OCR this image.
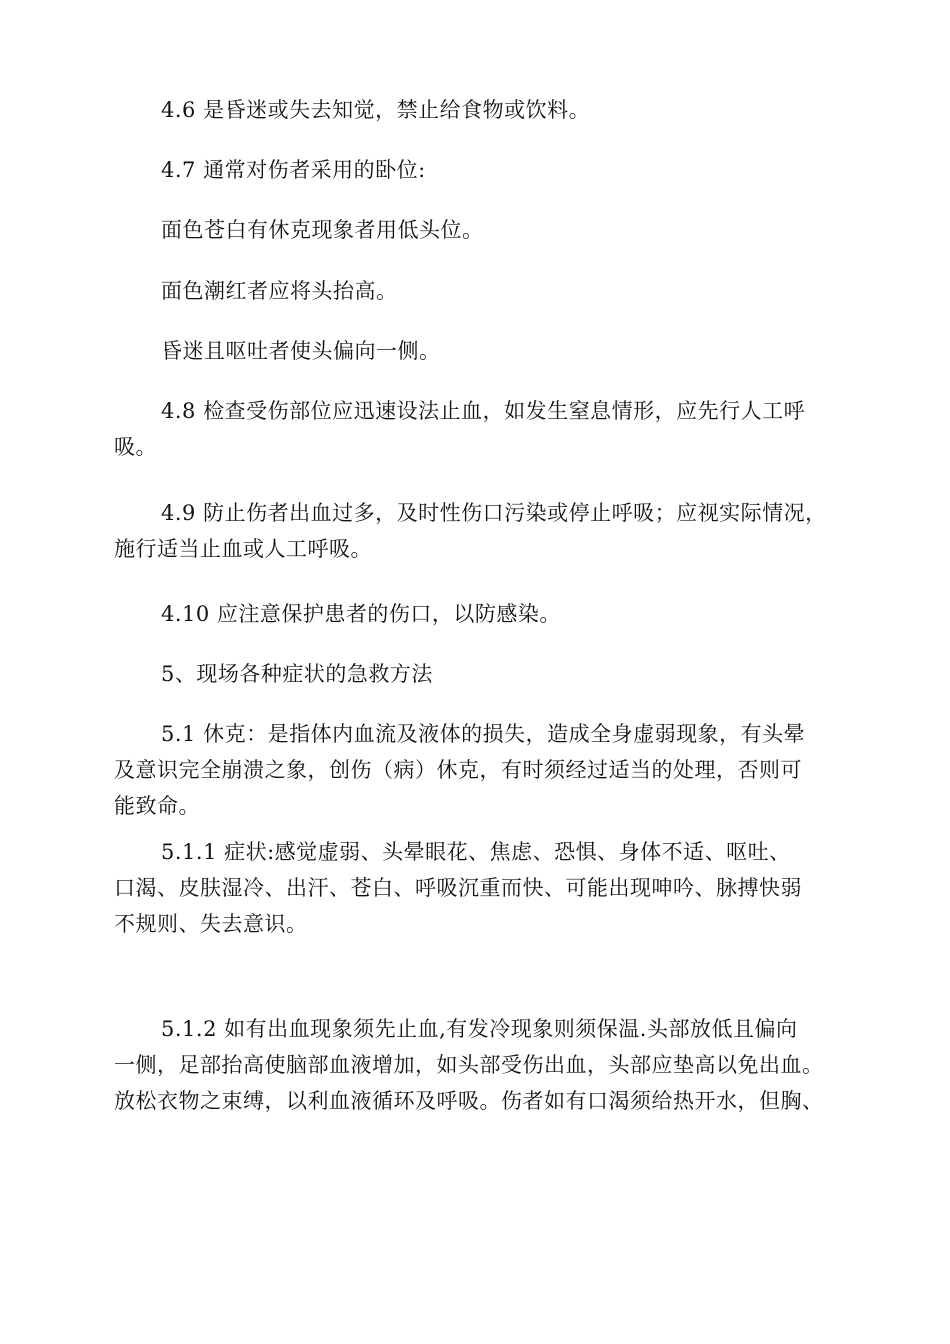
4.6 是昏迷或失去知觉，禁止给食物或饮料。
4.7 通常对伤者采用的卧位:
面色苍白有休克现象者用低头位。
面色潮红者应将头抬高。
昏迷且呕吐者使头偏向一侧。
4.8 检查受伤部位应迅速设法止血，如发生窒息情形，应先行人工呼
吸。
4.9 防止伤者出血过多，及时性伤口污染或停止呼吸；应视实际情况，
施行适当止血或人工呼吸。
4.10 应注意保护患者的伤口，以防感染。
5、现场各种症状的急救方法
5.1 休克：是指体内血流及液体的损失，造成全身虚弱现象，有头晕
及意识完全崩溃之象，创伤（病）休克，有时须经过适当的处理，否则可
能致命。
5.1.1 症状:感觉虚弱、头晕眼花、焦虑、恐惧、身体不适、呕吐、
口渴、皮肤湿冷、出汗、苍白、呼吸沉重而快、可能出现呻吟、脉搏快弱
不规则、失去意识。
5.1.2 如有出血现象须先止血,有发冷现象则须保温.头部放低且偏向
一侧，足部抬高使脑部血液增加，如头部受伤出血，头部应垫高以免出血。
放松衣物之束缚，以利血液循环及呼吸。伤者如有口渴须给热开水，但胸、
